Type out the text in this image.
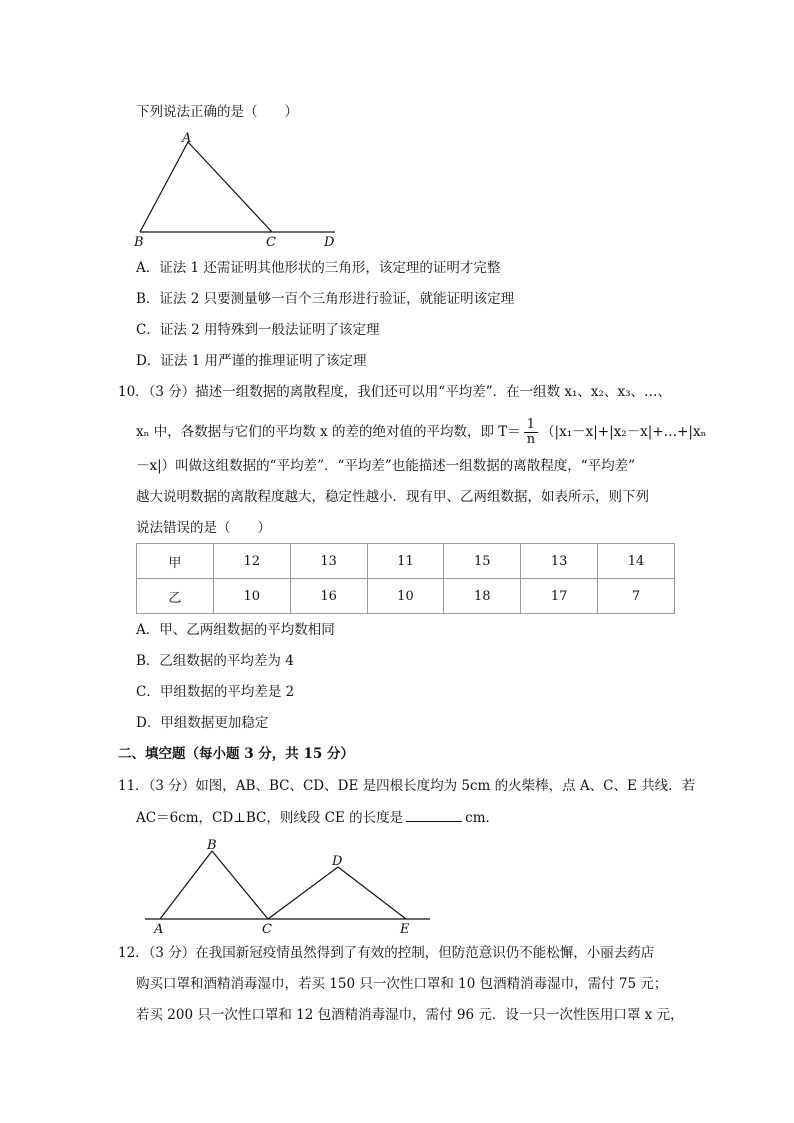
下列说法正确的是（　　）
A
B	C	D
A．证法 1 还需证明其他形状的三角形，该定理的证明才完整
B．证法 2 只要测量够一百个三角形进行验证，就能证明该定理
C．证法 2 用特殊到一般法证明了该定理
D．证法 1 用严谨的推理证明了该定理
10．（3 分）描述一组数据的离散程度，我们还可以用“平均差”．在一组数 x₁、x₂、x₃、…、
xₙ 中，各数据与它们的平均数 x 的差的绝对值的平均数，即 $T= \frac{1}{n}$ （|x₁－x|+|x₂－x|+…+|xₙ
－x|）叫做这组数据的“平均差”．“平均差”也能描述一组数据的离散程度，“平均差”
越大说明数据的离散程度越大，稳定性越小．现有甲、乙两组数据，如表所示，则下列
说法错误的是（　　）
甲	12	13	11	15	13	14
乙	10	16	10	18	17	7
A．甲、乙两组数据的平均数相同
B．乙组数据的平均差为 4
C．甲组数据的平均差是 2
D．甲组数据更加稳定
二、填空题（每小题 3 分，共 15 分）
11．（3 分）如图，AB、BC、CD、DE 是四根长度均为 5cm 的火柴棒，点 A、C、E 共线．若
AC＝6cm，CD⊥BC，则线段 CE 的长度是	cm．
A
B
C
D
E
12．（3 分）在我国新冠疫情虽然得到了有效的控制，但防范意识仍不能松懈，小丽去药店
购买口罩和酒精消毒湿巾，若买 150 只一次性口罩和 10 包酒精消毒湿巾，需付 75 元；
若买 200 只一次性口罩和 12 包酒精消毒湿巾，需付 96 元．设一只一次性医用口罩 x 元，
